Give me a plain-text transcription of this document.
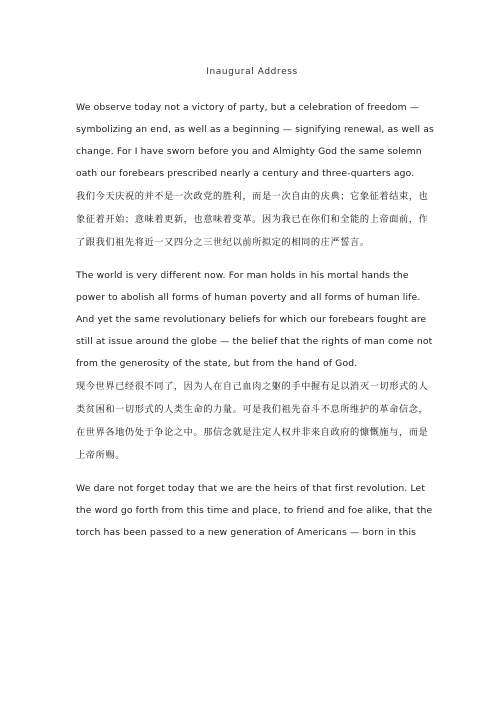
Inaugural Address

We observe today not a victory of party, but a celebration of freedom — symbolizing an end, as well as a beginning — signifying renewal, as well as change. For I have sworn before you and Almighty God the same solemn oath our forebears prescribed nearly a century and three-quarters ago.

我们今天庆祝的并不是一次政党的胜利，而是一次自由的庆典；它象征着结束，也象征着开始；意味着更新，也意味着变革。因为我已在你们和全能的上帝面前，作了跟我们祖先将近一又四分之三世纪以前所拟定的相同的庄严誓言。

The world is very different now. For man holds in his mortal hands the power to abolish all forms of human poverty and all forms of human life. And yet the same revolutionary beliefs for which our forebears fought are still at issue around the globe — the belief that the rights of man come not from the generosity of the state, but from the hand of God.

现今世界已经很不同了，因为人在自己血肉之躯的手中握有足以消灭一切形式的人类贫困和一切形式的人类生命的力量。可是我们祖先奋斗不息所维护的革命信念，在世界各地仍处于争论之中。那信念就是注定人权并非来自政府的慷慨施与，而是上帝所赐。

We dare not forget today that we are the heirs of that first revolution. Let the word go forth from this time and place, to friend and foe alike, that the torch has been passed to a new generation of Americans — born in this
